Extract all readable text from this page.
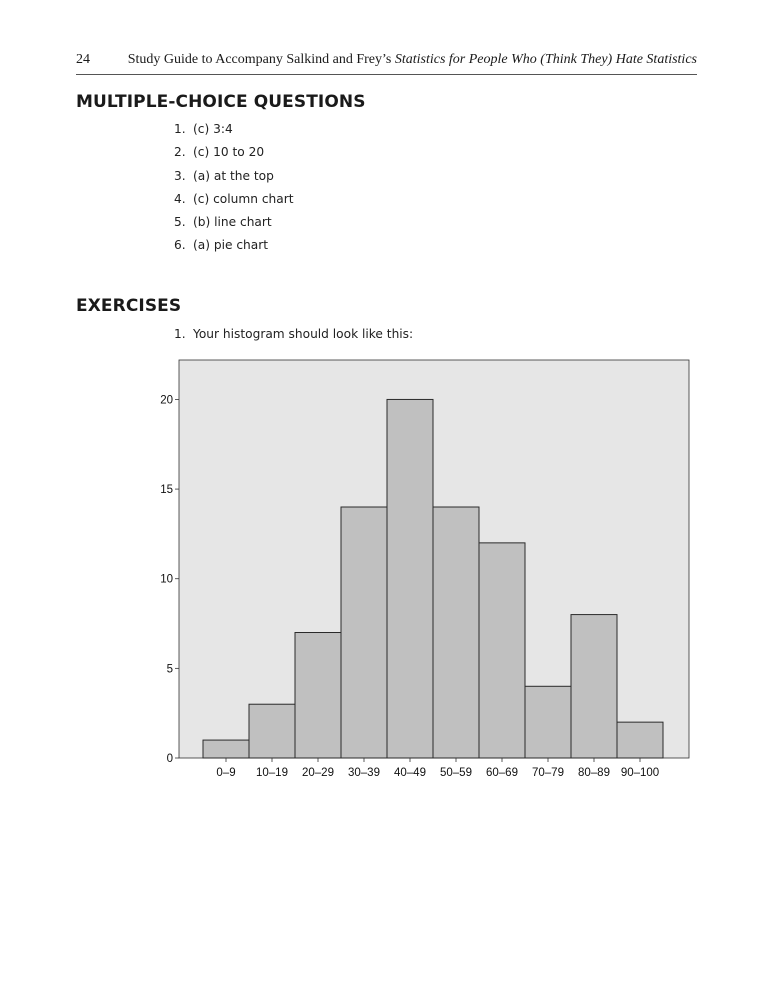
24	Study Guide to Accompany Salkind and Frey’s Statistics for People Who (Think They) Hate Statistics
MULTIPLE-CHOICE QUESTIONS
1. (c) 3:4
2. (c) 10 to 20
3. (a) at the top
4. (c) column chart
5. (b) line chart
6. (a) pie chart
EXERCISES
1. Your histogram should look like this:
0
5
10
15
20
0–9 10–19 20–29 30–39 40–49 50–59 60–69 70–79 80–89 90–100
